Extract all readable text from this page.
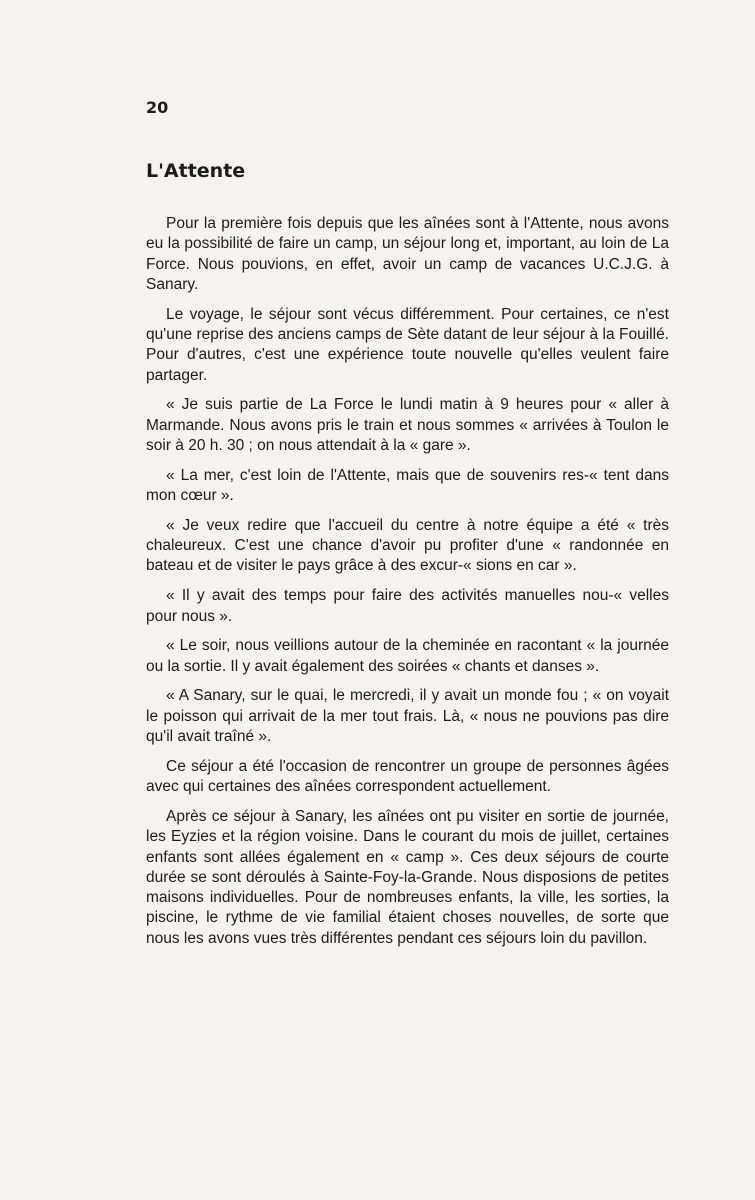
20
L'Attente

Pour la première fois depuis que les aînées sont à l'Attente, nous avons eu la possibilité de faire un camp, un séjour long et, important, au loin de La Force. Nous pouvions, en effet, avoir un camp de vacances U.C.J.G. à Sanary.

Le voyage, le séjour sont vécus différemment. Pour certaines, ce n'est qu'une reprise des anciens camps de Sète datant de leur séjour à la Fouillé. Pour d'autres, c'est une expérience toute nouvelle qu'elles veulent faire partager.

« Je suis partie de La Force le lundi matin à 9 heures pour « aller à Marmande. Nous avons pris le train et nous sommes « arrivées à Toulon le soir à 20 h. 30 ; on nous attendait à la « gare ».

« La mer, c'est loin de l'Attente, mais que de souvenirs res-« tent dans mon cœur ».

« Je veux redire que l'accueil du centre à notre équipe a été « très chaleureux. C'est une chance d'avoir pu profiter d'une « randonnée en bateau et de visiter le pays grâce à des excur-« sions en car ».

« Il y avait des temps pour faire des activités manuelles nou-« velles pour nous ».

« Le soir, nous veillions autour de la cheminée en racontant « la journée ou la sortie. Il y avait également des soirées « chants et danses ».

« A Sanary, sur le quai, le mercredi, il y avait un monde fou ; « on voyait le poisson qui arrivait de la mer tout frais. Là, « nous ne pouvions pas dire qu'il avait traîné ».

Ce séjour a été l'occasion de rencontrer un groupe de personnes âgées avec qui certaines des aînées correspondent actuellement.

Après ce séjour à Sanary, les aînées ont pu visiter en sortie de journée, les Eyzies et la région voisine. Dans le courant du mois de juillet, certaines enfants sont allées également en « camp ». Ces deux séjours de courte durée se sont déroulés à Sainte-Foy-la-Grande. Nous disposions de petites maisons individuelles. Pour de nombreuses enfants, la ville, les sorties, la piscine, le rythme de vie familial étaient choses nouvelles, de sorte que nous les avons vues très différentes pendant ces séjours loin du pavillon.
